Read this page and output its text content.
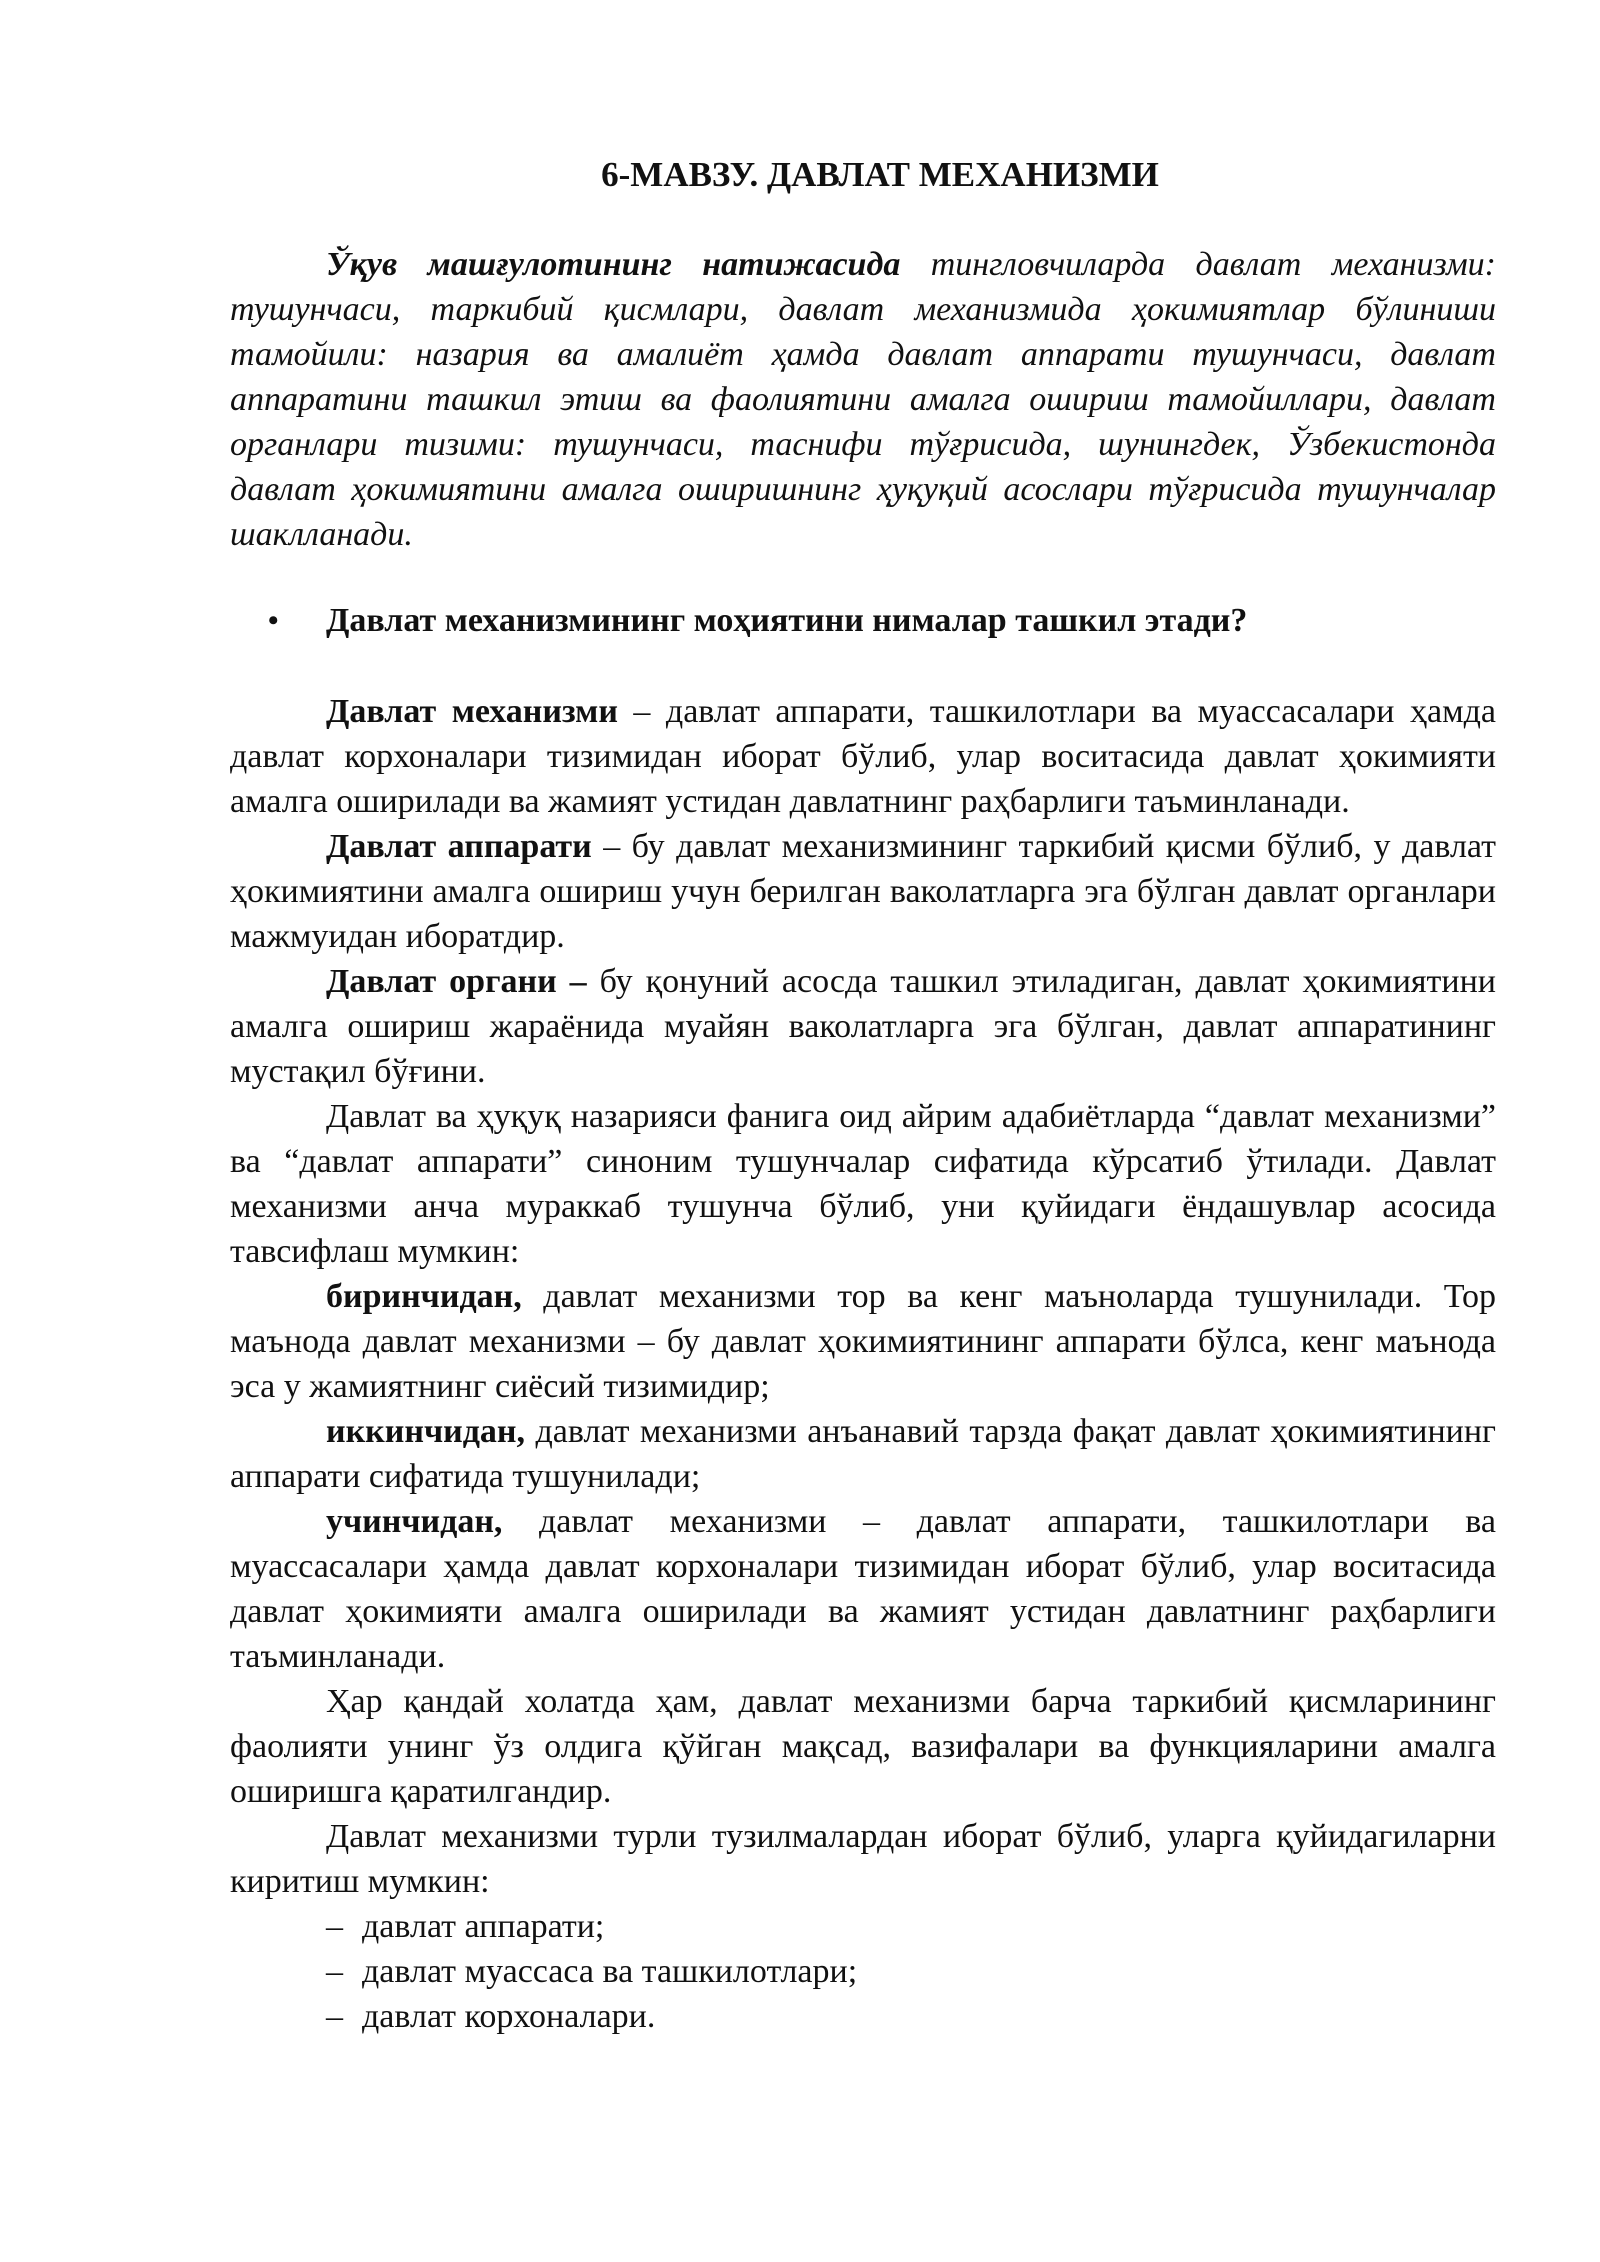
6-МАВЗУ. ДАВЛАТ МЕХАНИЗМИ
Ўқув машғулотининг натижасида тингловчиларда давлат механизми: тушунчаси, таркибий қисмлари, давлат механизмида ҳокимиятлар бўлиниши тамойили: назария ва амалиёт ҳамда давлат аппарати тушунчаси, давлат аппаратини ташкил этиш ва фаолиятини амалга ошириш тамойиллари, давлат органлари тизими: тушунчаси, таснифи тўғрисида, шунингдек, Ўзбекистонда давлат ҳокимиятини амалга оширишнинг ҳуқуқий асослари тўғрисида тушунчалар шаклланади.
• Давлат механизмининг моҳиятини нималар ташкил этади?

Давлат механизми – давлат аппарати, ташкилотлари ва муассасалари ҳамда давлат корхоналари тизимидан иборат бўлиб, улар воситасида давлат ҳокимияти амалга оширилади ва жамият устидан давлатнинг раҳбарлиги таъминланади.

Давлат аппарати – бу давлат механизмининг таркибий қисми бўлиб, у давлат ҳокимиятини амалга ошириш учун берилган ваколатларга эга бўлган давлат органлари мажмуидан иборатдир.

Давлат органи – бу қонуний асосда ташкил этиладиган, давлат ҳокимиятини амалга ошириш жараёнида муайян ваколатларга эга бўлган, давлат аппаратининг мустақил бўғини.

Давлат ва ҳуқуқ назарияси фанига оид айрим адабиётларда “давлат механизми” ва “давлат аппарати” синоним тушунчалар сифатида кўрсатиб ўтилади. Давлат механизми анча мураккаб тушунча бўлиб, уни қуйидаги ёндашувлар асосида тавсифлаш мумкин:

биринчидан, давлат механизми тор ва кенг маъноларда тушунилади. Тор маънода давлат механизми – бу давлат ҳокимиятининг аппарати бўлса, кенг маънода эса у жамиятнинг сиёсий тизимидир;

иккинчидан, давлат механизми анъанавий тарзда фақат давлат ҳокимиятининг аппарати сифатида тушунилади;

учинчидан, давлат механизми – давлат аппарати, ташкилотлари ва муассасалари ҳамда давлат корхоналари тизимидан иборат бўлиб, улар воситасида давлат ҳокимияти амалга оширилади ва жамият устидан давлатнинг раҳбарлиги таъминланади.

Ҳар қандай холатда ҳам, давлат механизми барча таркибий қисмларининг фаолияти унинг ўз олдига қўйган мақсад, вазифалари ва функцияларини амалга оширишга қаратилгандир.

Давлат механизми турли тузилмалардан иборат бўлиб, уларга қуйидагиларни киритиш мумкин:

– давлат аппарати;
– давлат муассаса ва ташкилотлари;
– давлат корхоналари.
